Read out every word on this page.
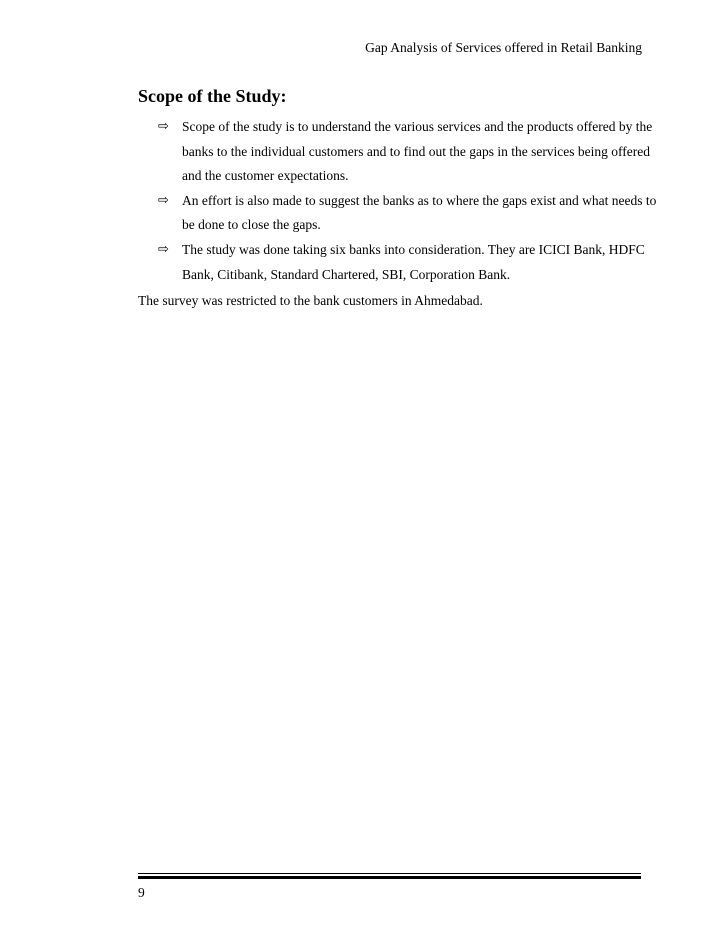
Gap Analysis of Services offered in Retail Banking
Scope of the Study:
⇨ Scope of the study is to understand the various services and the products offered by the banks to the individual customers and to find out the gaps in the services being offered and the customer expectations.
⇨ An effort is also made to suggest the banks as to where the gaps exist and what needs to be done to close the gaps.
⇨ The study was done taking six banks into consideration. They are ICICI Bank, HDFC Bank, Citibank, Standard Chartered, SBI, Corporation Bank.
The survey was restricted to the bank customers in Ahmedabad.
9
